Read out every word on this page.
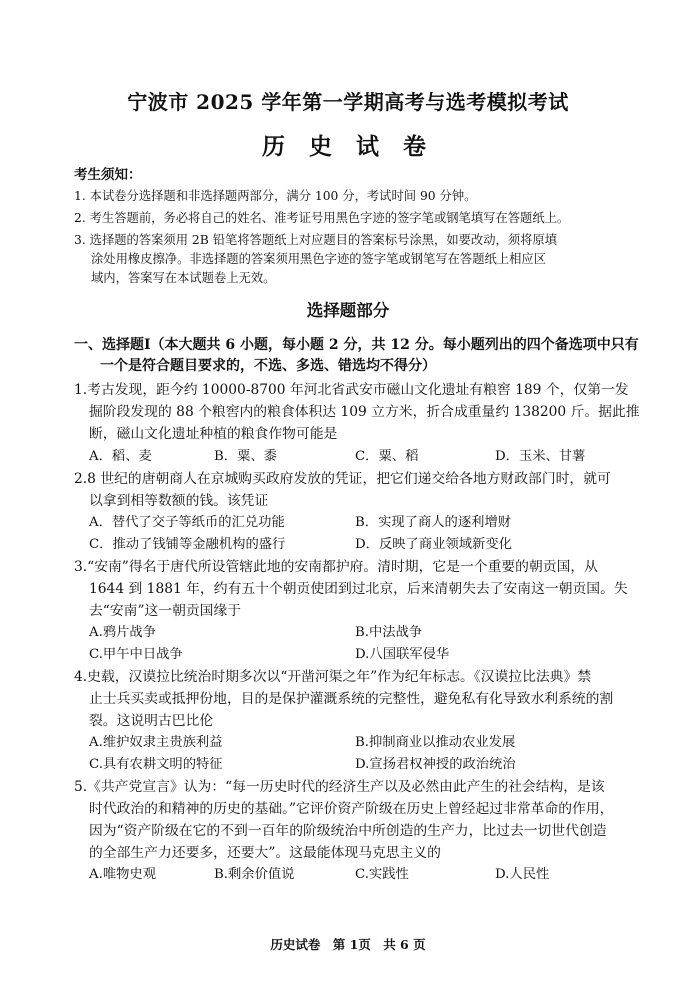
宁波市 2025 学年第一学期高考与选考模拟考试
历 史 试 卷
考生须知：
1. 本试卷分选择题和非选择题两部分，满分 100 分，考试时间 90 分钟。
2. 考生答题前，务必将自己的姓名、准考证号用黑色字迹的签字笔或钢笔填写在答题纸上。
3. 选择题的答案须用 2B 铅笔将答题纸上对应题目的答案标号涂黑，如要改动，须将原填
涂处用橡皮擦净。非选择题的答案须用黑色字迹的签字笔或钢笔写在答题纸上相应区
域内，答案写在本试题卷上无效。
选择题部分
一、选择题Ⅰ（本大题共 6 小题，每小题 2 分，共 12 分。每小题列出的四个备选项中只有
一个是符合题目要求的，不选、多选、错选均不得分）
1.考古发现，距今约 10000-8700 年河北省武安市磁山文化遗址有粮窖 189 个，仅第一发
掘阶段发现的 88 个粮窖内的粮食体积达 109 立方米，折合成重量约 138200 斤。据此推
断，磁山文化遗址种植的粮食作物可能是
A．稻、麦	B．粟、黍	C．粟、稻	D．玉米、甘薯
2.8 世纪的唐朝商人在京城购买政府发放的凭证，把它们递交给各地方财政部门时，就可
以拿到相等数额的钱。该凭证
A．替代了交子等纸币的汇兑功能	B．实现了商人的逐利增财
C．推动了钱铺等金融机构的盛行	D．反映了商业领域新变化
3.“安南”得名于唐代所设管辖此地的安南都护府。清时期，它是一个重要的朝贡国，从
1644 到 1881 年，约有五十个朝贡使团到过北京，后来清朝失去了安南这一朝贡国。失
去“安南”这一朝贡国缘于
A.鸦片战争	B.中法战争
C.甲午中日战争	D.八国联军侵华
4.史载，汉谟拉比统治时期多次以“开凿河渠之年”作为纪年标志。《汉谟拉比法典》禁
止士兵买卖或抵押份地，目的是保护灌溉系统的完整性，避免私有化导致水利系统的割
裂。这说明古巴比伦
A.维护奴隶主贵族利益	B.抑制商业以推动农业发展
C.具有农耕文明的特征	D.宣扬君权神授的政治统治
5.《共产党宣言》认为：“每一历史时代的经济生产以及必然由此产生的社会结构，是该
时代政治的和精神的历史的基础。”它评价资产阶级在历史上曾经起过非常革命的作用，
因为“资产阶级在它的不到一百年的阶级统治中所创造的生产力，比过去一切世代创造
的全部生产力还要多，还要大”。这最能体现马克思主义的
A.唯物史观	B.剩余价值说	C.实践性	D.人民性
历史试卷 第 1页 共 6 页
